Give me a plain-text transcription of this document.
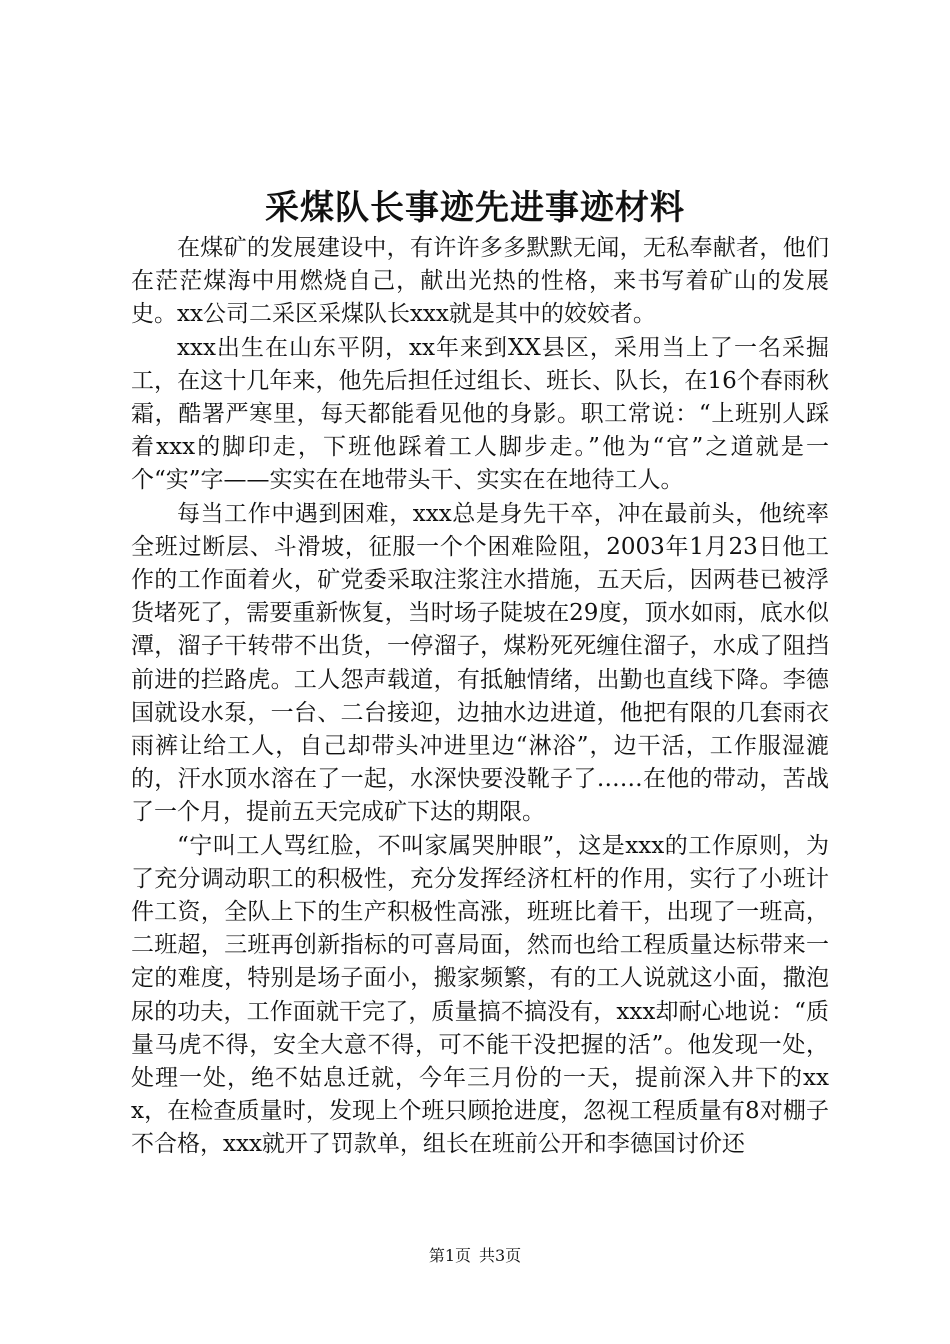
采煤队长事迹先进事迹材料

在煤矿的发展建设中，有许许多多默默无闻，无私奉献者，他们在茫茫煤海中用燃烧自己，献出光热的性格，来书写着矿山的发展史。xx公司二采区采煤队长xxx就是其中的姣姣者。

xxx出生在山东平阴，xx年来到XX县区，采用当上了一名采掘工，在这十几年来，他先后担任过组长、班长、队长，在16个春雨秋霜，酷署严寒里，每天都能看见他的身影。职工常说：“上班别人踩着xxx的脚印走，下班他踩着工人脚步走。”他为“官”之道就是一个“实”字——实实在在地带头干、实实在在地待工人。

每当工作中遇到困难，xxx总是身先干卒，冲在最前头，他统率全班过断层、斗滑坡，征服一个个困难险阻，2003年1月23日他工作的工作面着火，矿党委采取注浆注水措施，五天后，因两巷已被浮货堵死了，需要重新恢复，当时场子陡坡在29度，顶水如雨，底水似潭，溜子干转带不出货，一停溜子，煤粉死死缠住溜子，水成了阻挡前进的拦路虎。工人怨声载道，有抵触情绪，出勤也直线下降。李德国就设水泵，一台、二台接迎，边抽水边进道，他把有限的几套雨衣雨裤让给工人，自己却带头冲进里边“淋浴”，边干活，工作服湿漉的，汗水顶水溶在了一起，水深快要没靴子了……在他的带动，苦战了一个月，提前五天完成矿下达的期限。

“宁叫工人骂红脸，不叫家属哭肿眼”，这是xxx的工作原则，为了充分调动职工的积极性，充分发挥经济杠杆的作用，实行了小班计件工资，全队上下的生产积极性高涨，班班比着干，出现了一班高，二班超，三班再创新指标的可喜局面，然而也给工程质量达标带来一定的难度，特别是场子面小，搬家频繁，有的工人说就这小面，撒泡尿的功夫，工作面就干完了，质量搞不搞没有，xxx却耐心地说：“质量马虎不得，安全大意不得，可不能干没把握的活”。他发现一处，处理一处，绝不姑息迁就，今年三月份的一天，提前深入井下的xxx，在检查质量时，发现上个班只顾抢进度，忽视工程质量有8对棚子不合格，xxx就开了罚款单，组长在班前公开和李德国讨价还

第1页 共3页
